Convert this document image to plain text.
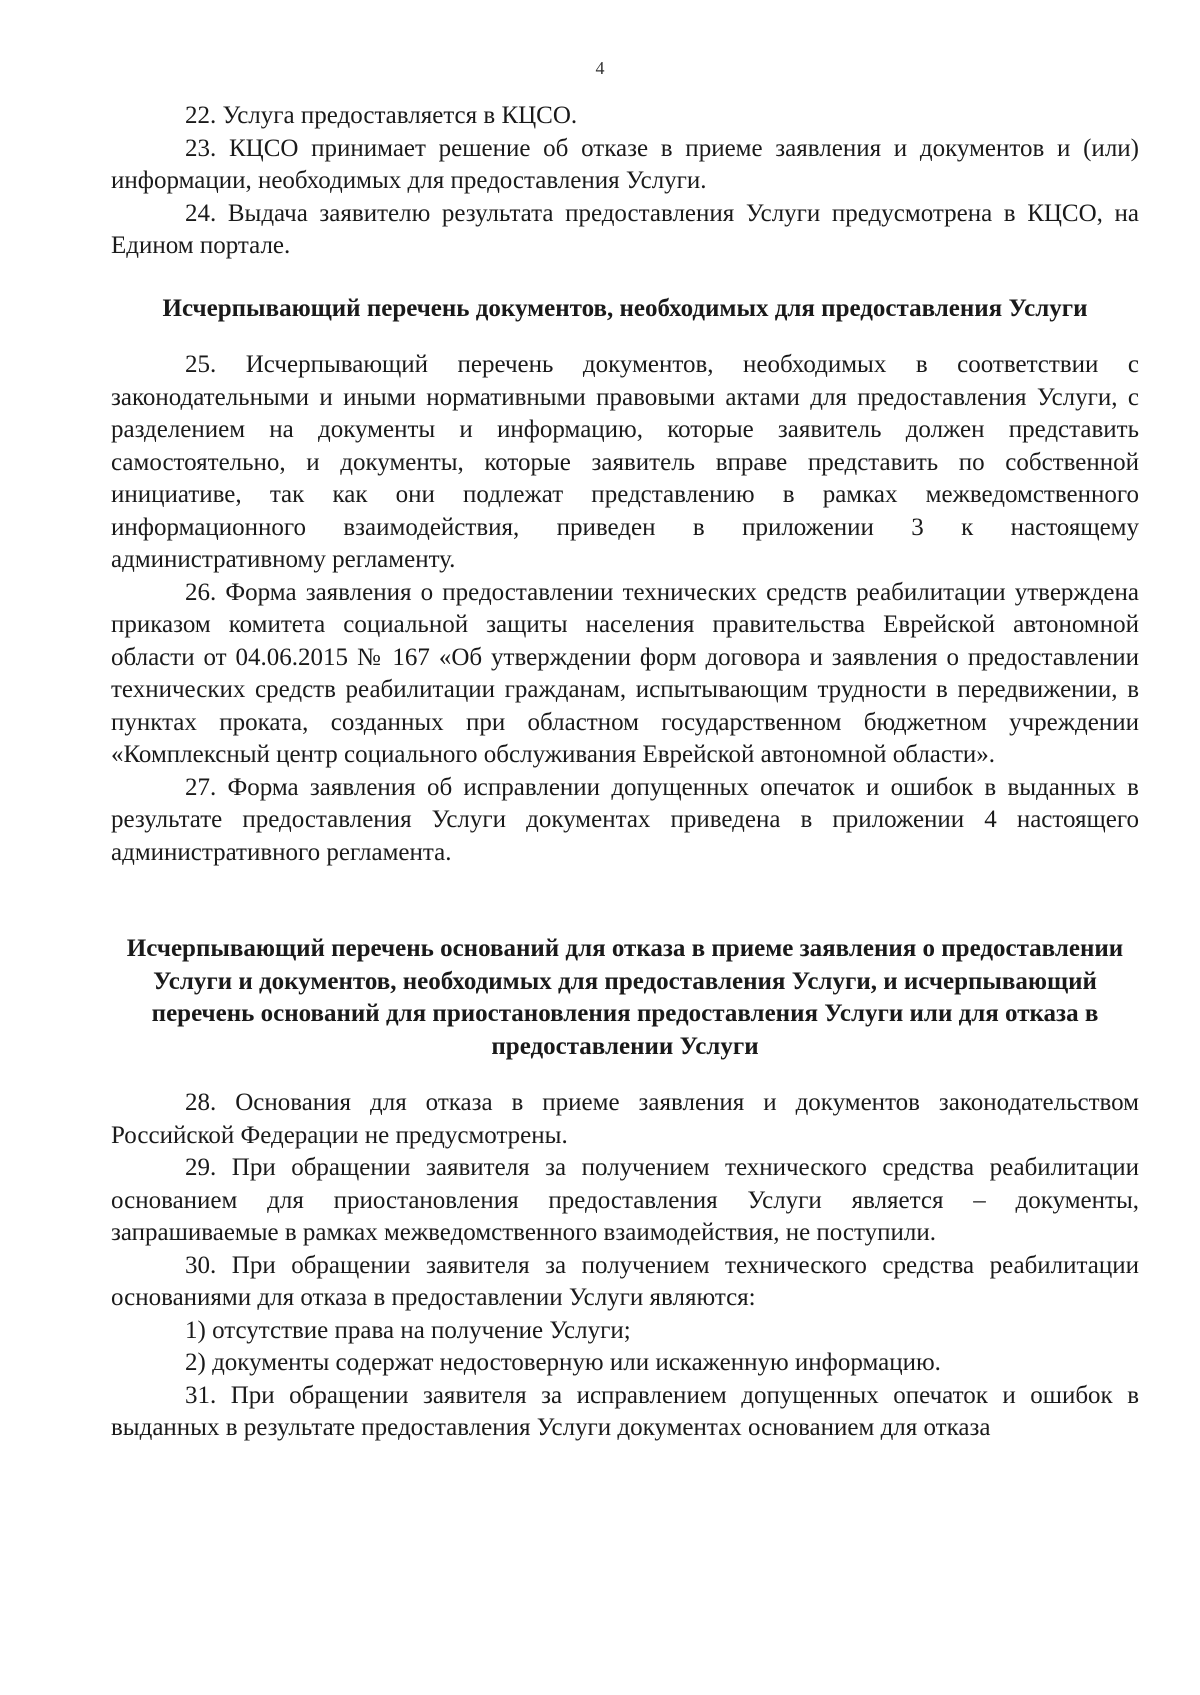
4

22. Услуга предоставляется в КЦСО.

23. КЦСО принимает решение об отказе в приеме заявления и документов и (или) информации, необходимых для предоставления Услуги.

24. Выдача заявителю результата предоставления Услуги предусмотрена в КЦСО, на Едином портале.

Исчерпывающий перечень документов, необходимых для предоставления Услуги

25. Исчерпывающий перечень документов, необходимых в соответствии с законодательными и иными нормативными правовыми актами для предоставления Услуги, с разделением на документы и информацию, которые заявитель должен представить самостоятельно, и документы, которые заявитель вправе представить по собственной инициативе, так как они подлежат представлению в рамках межведомственного информационного взаимодействия, приведен в приложении 3 к настоящему административному регламенту.

26. Форма заявления о предоставлении технических средств реабилитации утверждена приказом комитета социальной защиты населения правительства Еврейской автономной области от 04.06.2015 № 167 «Об утверждении форм договора и заявления о предоставлении технических средств реабилитации гражданам, испытывающим трудности в передвижении, в пунктах проката, созданных при областном государственном бюджетном учреждении «Комплексный центр социального обслуживания Еврейской автономной области».

27. Форма заявления об исправлении допущенных опечаток и ошибок в выданных в результате предоставления Услуги документах приведена в приложении 4 настоящего административного регламента.

Исчерпывающий перечень оснований для отказа в приеме заявления о предоставлении Услуги и документов, необходимых для предоставления Услуги, и исчерпывающий перечень оснований для приостановления предоставления Услуги или для отказа в предоставлении Услуги

28. Основания для отказа в приеме заявления и документов законодательством Российской Федерации не предусмотрены.

29. При обращении заявителя за получением технического средства реабилитации основанием для приостановления предоставления Услуги является – документы, запрашиваемые в рамках межведомственного взаимодействия, не поступили.

30. При обращении заявителя за получением технического средства реабилитации основаниями для отказа в предоставлении Услуги являются:

1) отсутствие права на получение Услуги;

2) документы содержат недостоверную или искаженную информацию.

31. При обращении заявителя за исправлением допущенных опечаток и ошибок в выданных в результате предоставления Услуги документах основанием для отказа
